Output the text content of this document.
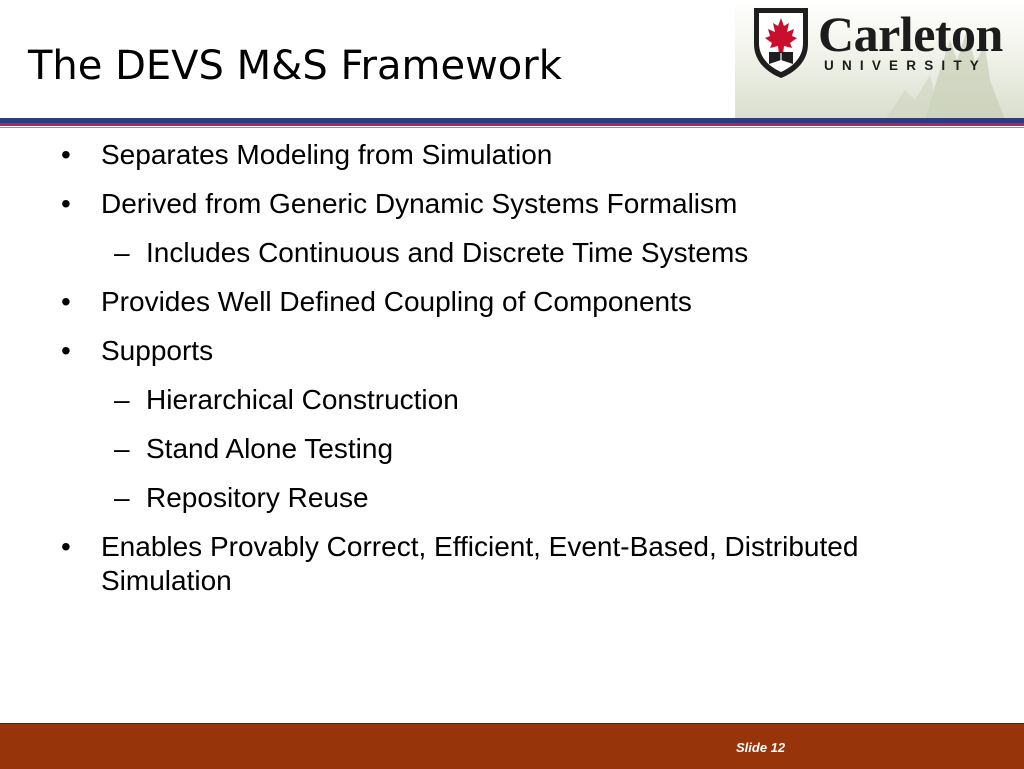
The DEVS M&S Framework
Carleton
UNIVERSITY
• Separates Modeling from Simulation
• Derived from Generic Dynamic Systems Formalism
– Includes Continuous and Discrete Time Systems
• Provides Well Defined Coupling of Components
• Supports
– Hierarchical Construction
– Stand Alone Testing
– Repository Reuse
• Enables Provably Correct, Efficient, Event-Based, Distributed Simulation
Slide 12
